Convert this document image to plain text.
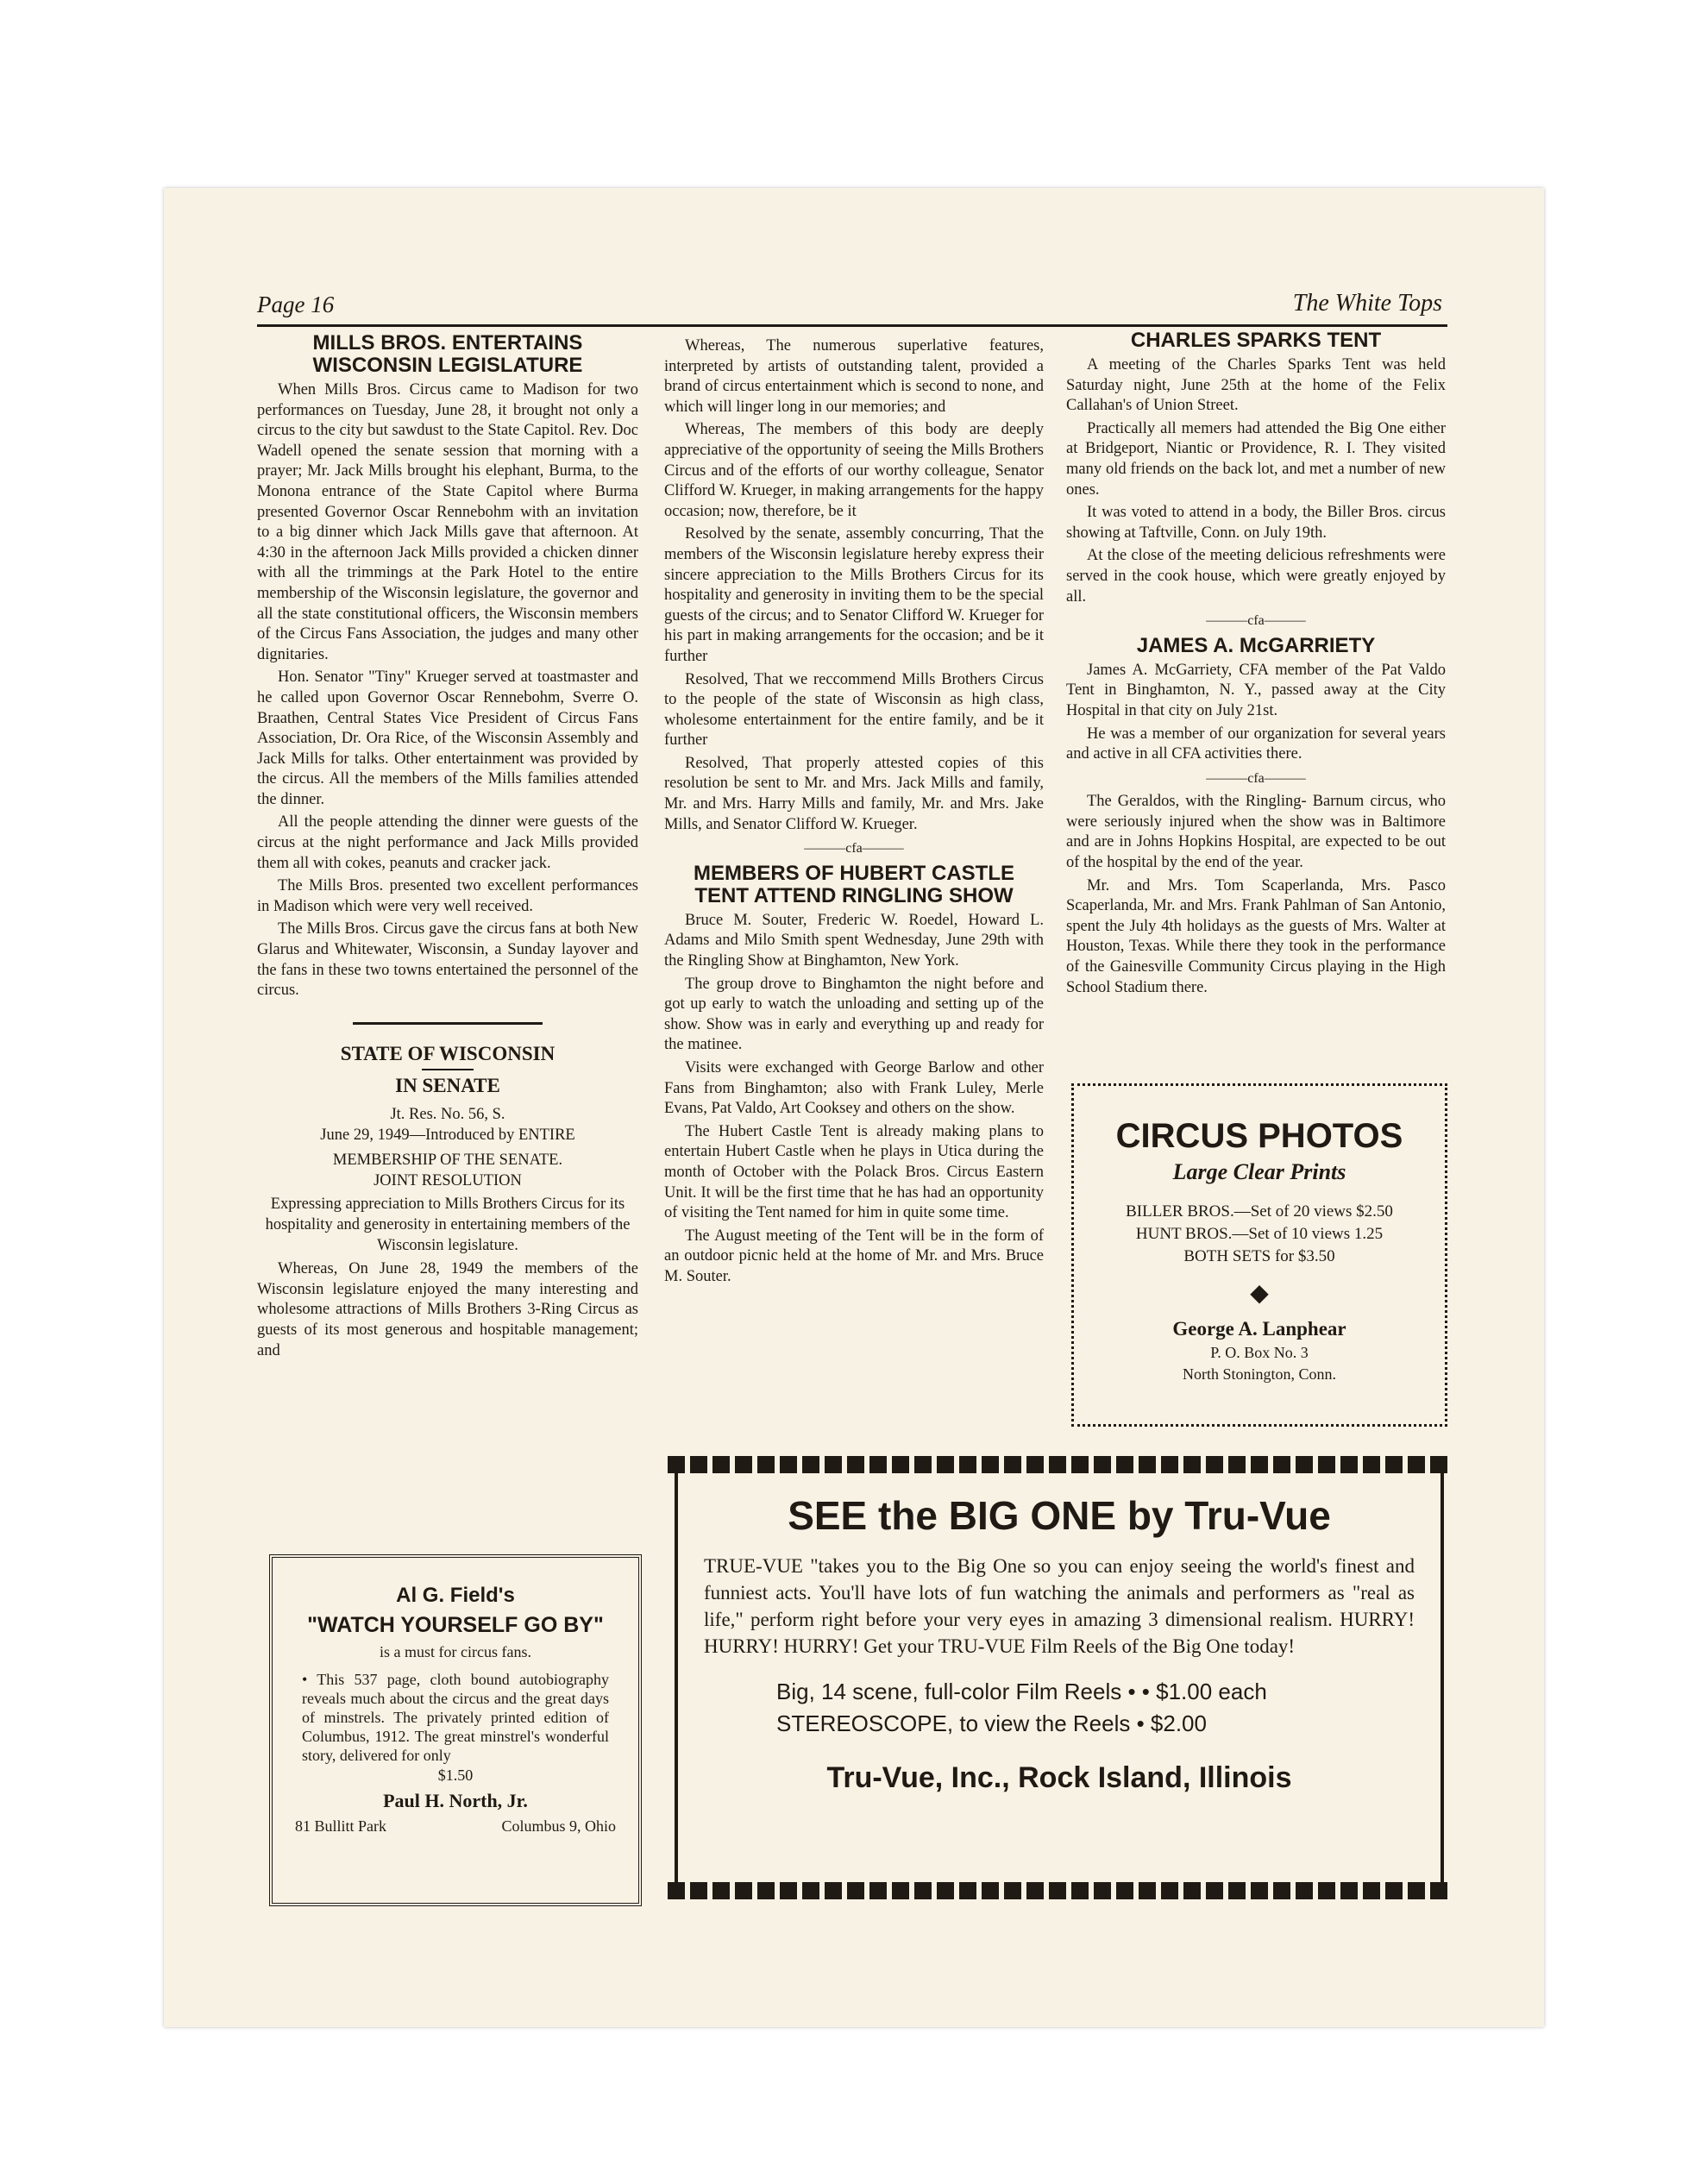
Page 16	The White Tops
MILLS BROS. ENTERTAINS WISCONSIN LEGISLATURE

When Mills Bros. Circus came to Madison for two performances on Tuesday, June 28, it brought not only a circus to the city but sawdust to the State Capitol. Rev. Doc Wadell opened the senate session that morning with a prayer; Mr. Jack Mills brought his elephant, Burma, to the Monona entrance of the State Capitol where Burma presented Governor Oscar Rennebohm with an invitation to a big dinner which Jack Mills gave that afternoon. At 4:30 in the afternoon Jack Mills provided a chicken dinner with all the trimmings at the Park Hotel to the entire membership of the Wisconsin legislature, the governor and all the state constitutional officers, the Wisconsin members of the Circus Fans Association, the judges and many other dignitaries.

Hon. Senator "Tiny" Krueger served at toastmaster and he called upon Governor Oscar Rennebohm, Sverre O. Braathen, Central States Vice President of Circus Fans Association, Dr. Ora Rice, of the Wisconsin Assembly and Jack Mills for talks. Other entertainment was provided by the circus. All the members of the Mills families attended the dinner.

All the people attending the dinner were guests of the circus at the night performance and Jack Mills provided them all with cokes, peanuts and cracker jack.

The Mills Bros. presented two excellent performances in Madison which were very well received.

The Mills Bros. Circus gave the circus fans at both New Glarus and Whitewater, Wisconsin, a Sunday layover and the fans in these two towns entertained the personnel of the circus.

STATE OF WISCONSIN
IN SENATE
Jt. Res. No. 56, S.
June 29, 1949—Introduced by ENTIRE
MEMBERSHIP OF THE SENATE.
JOINT RESOLUTION
Expressing appreciation to Mills Brothers Circus for its hospitality and generosity in entertaining members of the Wisconsin legislature.

Whereas, On June 28, 1949 the members of the Wisconsin legislature enjoyed the many interesting and wholesome attractions of Mills Brothers 3-Ring Circus as guests of its most generous and hospitable management; and

Whereas, The numerous superlative features, interpreted by artists of outstanding talent, provided a brand of circus entertainment which is second to none, and which will linger long in our memories; and

Whereas, The members of this body are deeply appreciative of the opportunity of seeing the Mills Brothers Circus and of the efforts of our worthy colleague, Senator Clifford W. Krueger, in making arrangements for the happy occasion; now, therefore, be it

Resolved by the senate, assembly concurring, That the members of the Wisconsin legislature hereby express their sincere appreciation to the Mills Brothers Circus for its hospitality and generosity in inviting them to be the special guests of the circus; and to Senator Clifford W. Krueger for his part in making arrangements for the occasion; and be it further

Resolved, That we reccommend Mills Brothers Circus to the people of the state of Wisconsin as high class, wholesome entertainment for the entire family, and be it further

Resolved, That properly attested copies of this resolution be sent to Mr. and Mrs. Jack Mills and family, Mr. and Mrs. Harry Mills and family, Mr. and Mrs. Jake Mills, and Senator Clifford W. Krueger.

———cfa———
MEMBERS OF HUBERT CASTLE TENT ATTEND RINGLING SHOW

Bruce M. Souter, Frederic W. Roedel, Howard L. Adams and Milo Smith spent Wednesday, June 29th with the Ringling Show at Binghamton, New York.

The group drove to Binghamton the night before and got up early to watch the unloading and setting up of the show. Show was in early and everything up and ready for the matinee.

Visits were exchanged with George Barlow and other Fans from Binghamton; also with Frank Luley, Merle Evans, Pat Valdo, Art Cooksey and others on the show.

The Hubert Castle Tent is already making plans to entertain Hubert Castle when he plays in Utica during the month of October with the Polack Bros. Circus Eastern Unit. It will be the first time that he has had an opportunity of visiting the Tent named for him in quite some time.

The August meeting of the Tent will be in the form of an outdoor picnic held at the home of Mr. and Mrs. Bruce M. Souter.

CHARLES SPARKS TENT

A meeting of the Charles Sparks Tent was held Saturday night, June 25th at the home of the Felix Callahan's of Union Street.

Practically all memers had attended the Big One either at Bridgeport, Niantic or Providence, R. I. They visited many old friends on the back lot, and met a number of new ones.

It was voted to attend in a body, the Biller Bros. circus showing at Taftville, Conn. on July 19th.

At the close of the meeting delicious refreshments were served in the cook house, which were greatly enjoyed by all.

———cfa———
JAMES A. McGARRIETY

James A. McGarriety, CFA member of the Pat Valdo Tent in Binghamton, N. Y., passed away at the City Hospital in that city on July 21st.

He was a member of our organization for several years and active in all CFA activities there.

———cfa———

The Geraldos, with the Ringling- Barnum circus, who were seriously injured when the show was in Baltimore and are in Johns Hopkins Hospital, are expected to be out of the hospital by the end of the year.

Mr. and Mrs. Tom Scaperlanda, Mrs. Pasco Scaperlanda, Mr. and Mrs. Frank Pahlman of San Antonio, spent the July 4th holidays as the guests of Mrs. Walter at Houston, Texas. While there they took in the performance of the Gainesville Community Circus playing in the High School Stadium there.

CIRCUS PHOTOS
Large Clear Prints
BILLER BROS.—Set of 20 views $2.50
HUNT BROS.—Set of 10 views 1.25
BOTH SETS for $3.50
◆
George A. Lanphear
P. O. Box No. 3
North Stonington, Conn.
Al G. Field's
"WATCH YOURSELF GO BY"
is a must for circus fans.
• This 537 page, cloth bound autobiography reveals much about the circus and the great days of minstrels. The privately printed edition of Columbus, 1912. The great minstrel's wonderful story, delivered for only
$1.50
Paul H. North, Jr.
81 Bullitt Park	Columbus 9, Ohio
SEE the BIG ONE by Tru-Vue
TRUE-VUE "takes you to the Big One so you can enjoy seeing the world's finest and funniest acts. You'll have lots of fun watching the animals and performers as "real as life," perform right before your very eyes in amazing 3 dimensional realism. HURRY! HURRY! HURRY! Get your TRU-VUE Film Reels of the Big One today!
Big, 14 scene, full-color Film Reels • • $1.00 each
STEREOSCOPE, to view the Reels • $2.00
Tru-Vue, Inc., Rock Island, Illinois
